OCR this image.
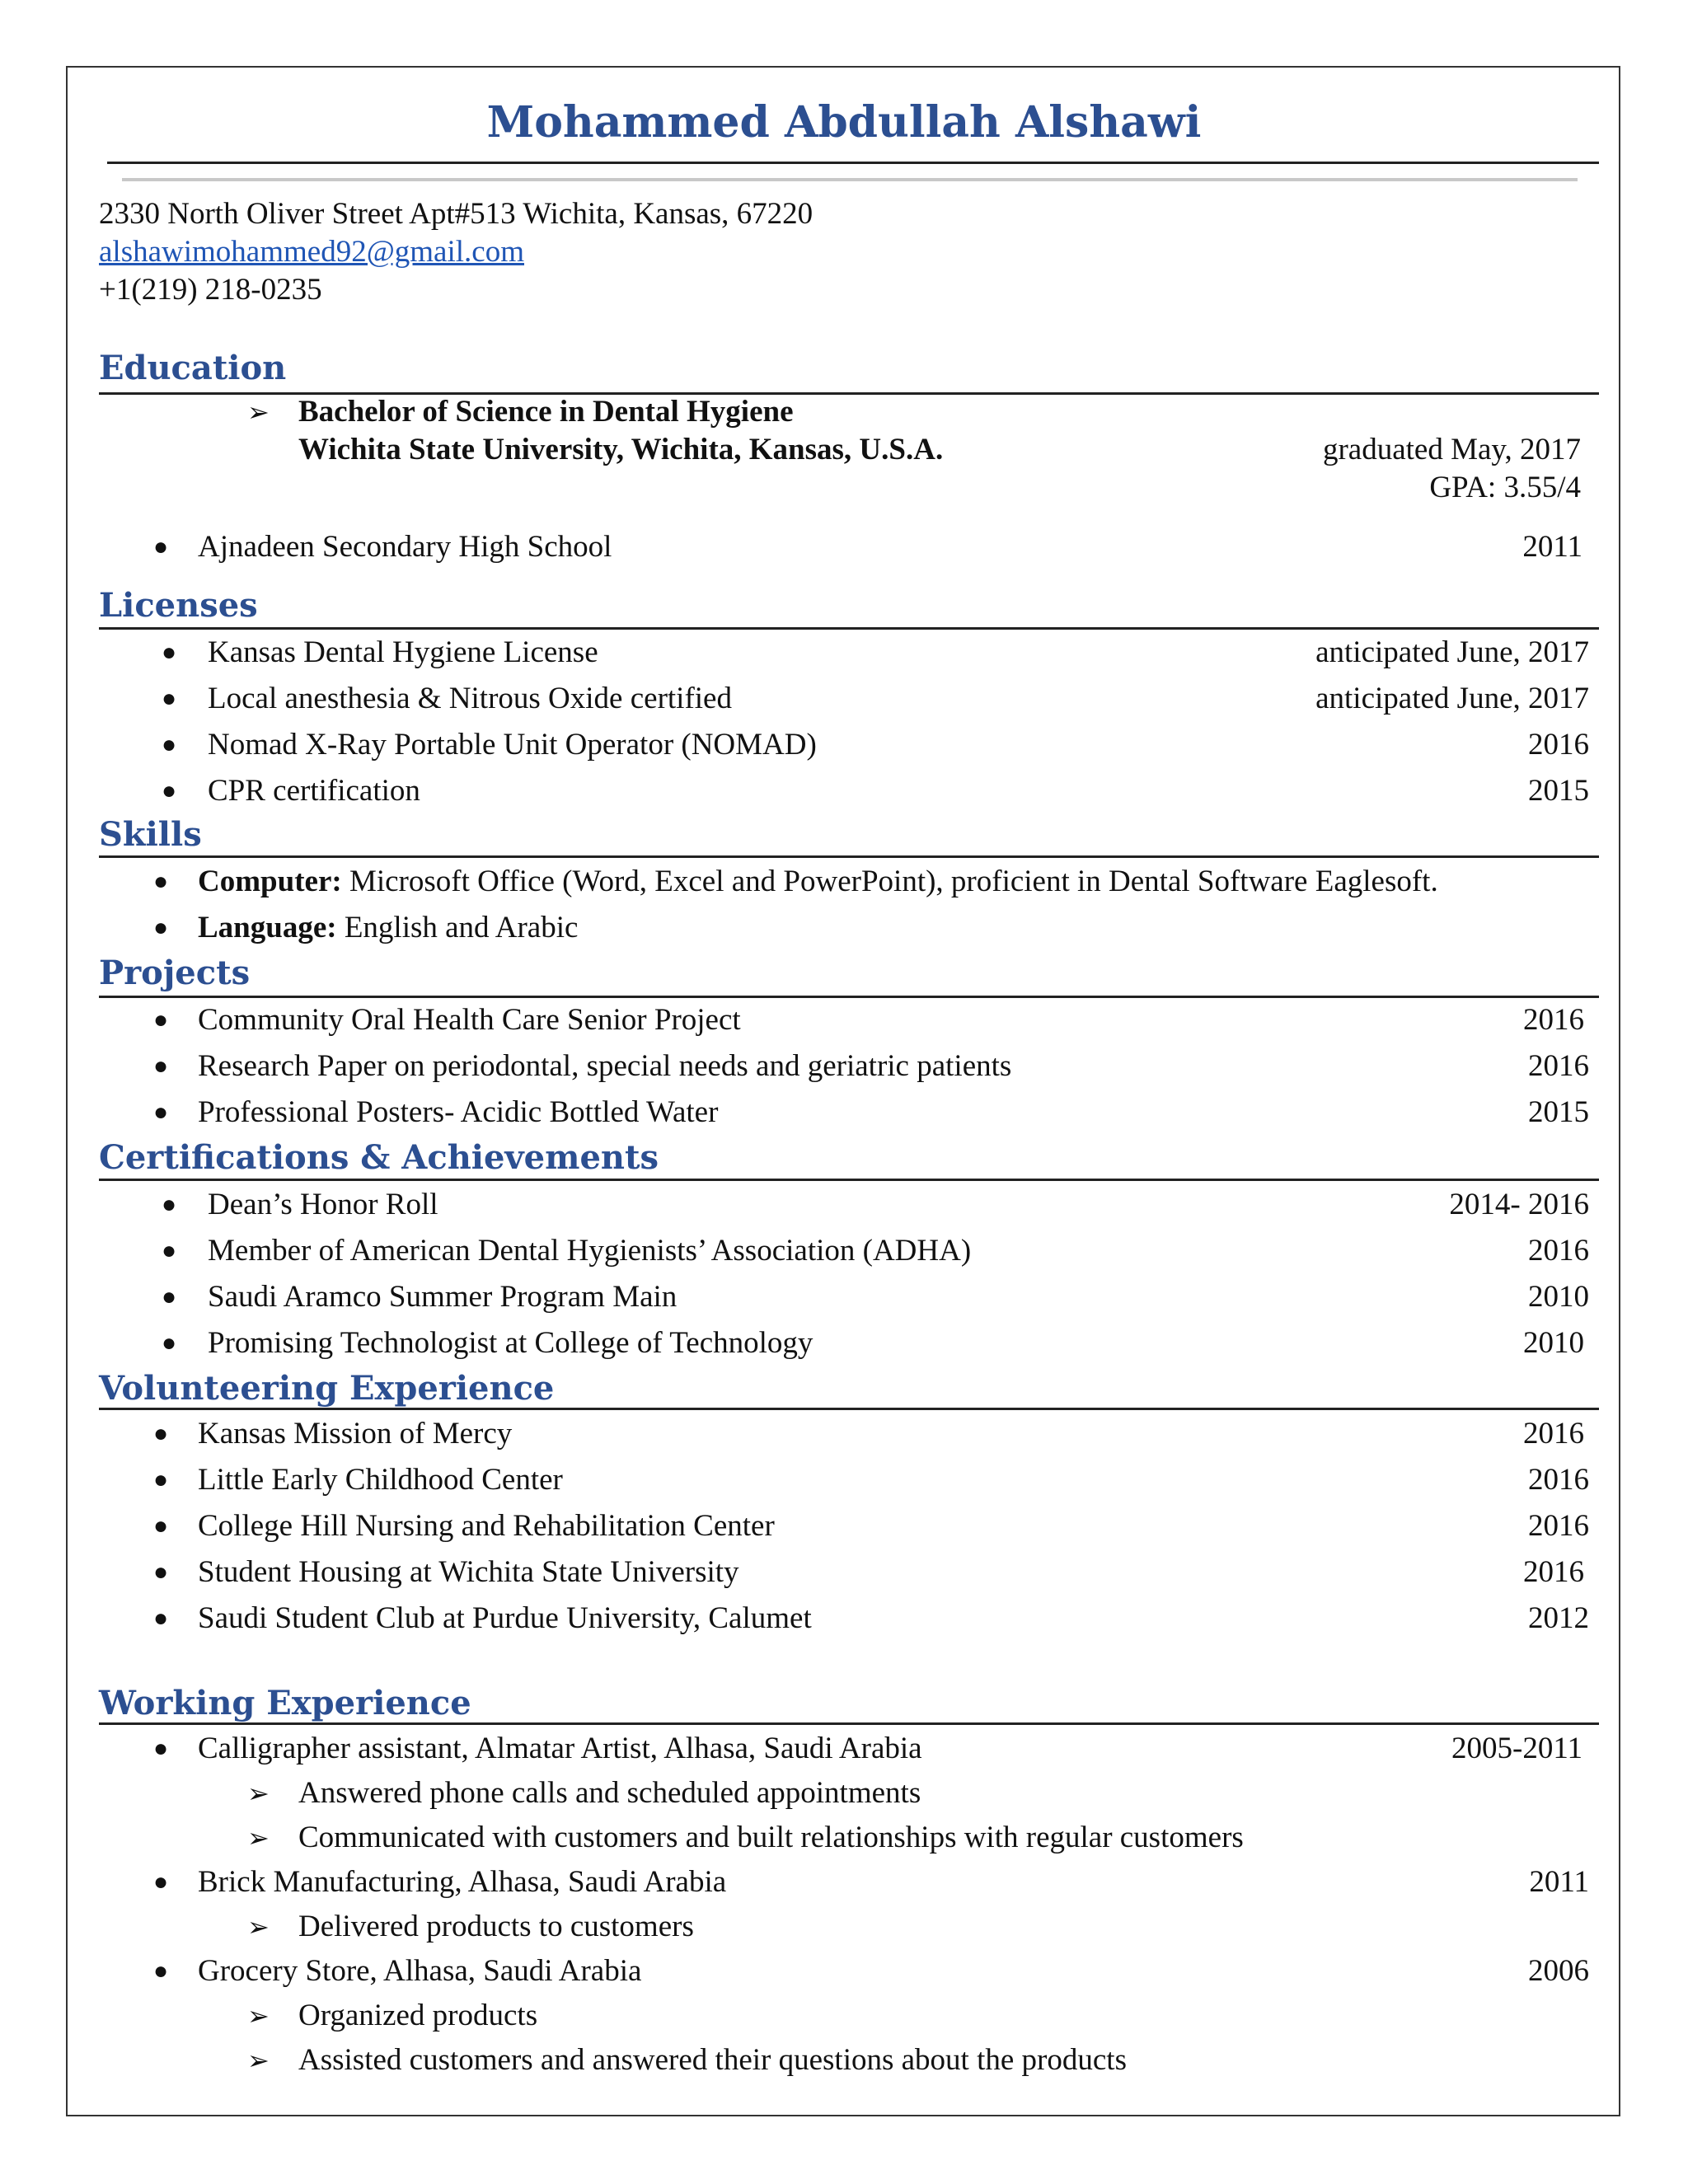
Mohammed Abdullah Alshawi
2330 North Oliver Street Apt#513 Wichita, Kansas, 67220
alshawimohammed92@gmail.com
+1(219) 218-0235
Education
➢ Bachelor of Science in Dental Hygiene
Wichita State University, Wichita, Kansas, U.S.A.	graduated May, 2017
GPA: 3.55/4
● Ajnadeen Secondary High School	2011
Licenses
● Kansas Dental Hygiene License	anticipated June, 2017
● Local anesthesia & Nitrous Oxide certified	anticipated June, 2017
● Nomad X-Ray Portable Unit Operator (NOMAD)	2016
● CPR certification	2015
Skills
● Computer: Microsoft Office (Word, Excel and PowerPoint), proficient in Dental Software Eaglesoft.
● Language: English and Arabic
Projects
● Community Oral Health Care Senior Project	2016
● Research Paper on periodontal, special needs and geriatric patients	2016
● Professional Posters- Acidic Bottled Water	2015
Certifications & Achievements
● Dean’s Honor Roll	2014- 2016
● Member of American Dental Hygienists’ Association (ADHA)	2016
● Saudi Aramco Summer Program Main	2010
● Promising Technologist at College of Technology	2010
Volunteering Experience
● Kansas Mission of Mercy	2016
● Little Early Childhood Center	2016
● College Hill Nursing and Rehabilitation Center	2016
● Student Housing at Wichita State University	2016
● Saudi Student Club at Purdue University, Calumet	2012
Working Experience
● Calligrapher assistant, Almatar Artist, Alhasa, Saudi Arabia	2005-2011
➢ Answered phone calls and scheduled appointments
➢ Communicated with customers and built relationships with regular customers
● Brick Manufacturing, Alhasa, Saudi Arabia	2011
➢ Delivered products to customers
● Grocery Store, Alhasa, Saudi Arabia	2006
➢ Organized products
➢ Assisted customers and answered their questions about the products
